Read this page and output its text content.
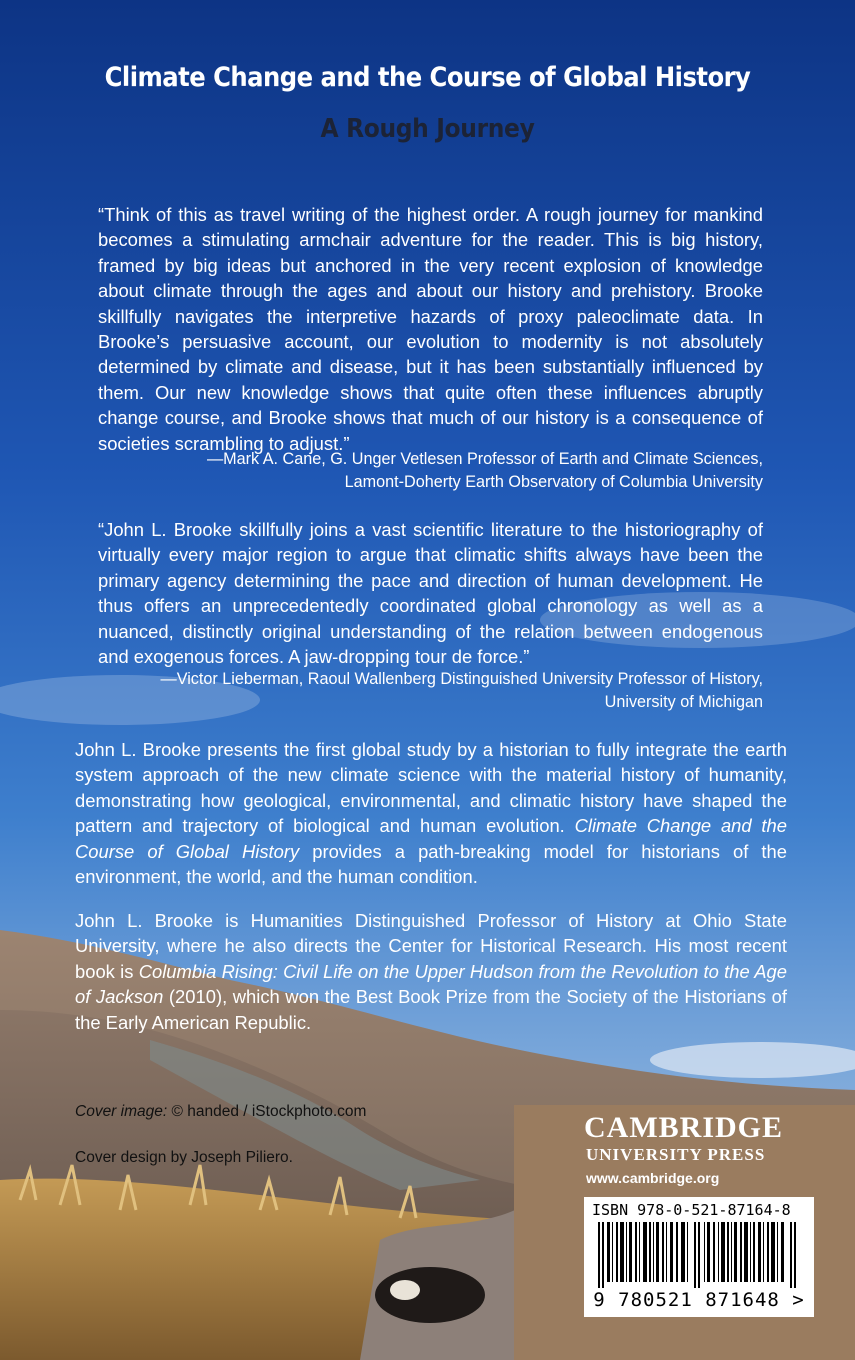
Climate Change and the Course of Global History
A Rough Journey

“Think of this as travel writing of the highest order. A rough journey for mankind becomes a stimulating armchair adventure for the reader. This is big history, framed by big ideas but anchored in the very recent explosion of knowledge about climate through the ages and about our history and prehistory. Brooke skillfully navigates the interpretive hazards of proxy paleoclimate data. In Brooke’s persuasive account, our evolution to modernity is not absolutely determined by climate and disease, but it has been substantially influenced by them. Our new knowledge shows that quite often these influences abruptly change course, and Brooke shows that much of our history is a consequence of societies scrambling to adjust.”

—Mark A. Cane, G. Unger Vetlesen Professor of Earth and Climate Sciences,
Lamont-Doherty Earth Observatory of Columbia University

“John L. Brooke skillfully joins a vast scientific literature to the historiography of virtually every major region to argue that climatic shifts always have been the primary agency determining the pace and direction of human development. He thus offers an unprecedentedly coordinated global chronology as well as a nuanced, distinctly original understanding of the relation between endogenous and exogenous forces. A jaw-dropping tour de force.”

—Victor Lieberman, Raoul Wallenberg Distinguished University Professor of History,
University of Michigan

John L. Brooke presents the first global study by a historian to fully integrate the earth system approach of the new climate science with the material history of humanity, demonstrating how geological, environmental, and climatic history have shaped the pattern and trajectory of biological and human evolution. Climate Change and the Course of Global History provides a path-breaking model for historians of the environment, the world, and the human condition.

John L. Brooke is Humanities Distinguished Professor of History at Ohio State University, where he also directs the Center for Historical Research. His most recent book is Columbia Rising: Civil Life on the Upper Hudson from the Revolution to the Age of Jackson (2010), which won the Best Book Prize from the Society of the Historians of the Early American Republic.

Cover image: © handed / iStockphoto.com
Cover design by Joseph Piliero.
CAMBRIDGE
UNIVERSITY PRESS
www.cambridge.org
ISBN 978-0-521-87164-8
9 780521 871648 >
